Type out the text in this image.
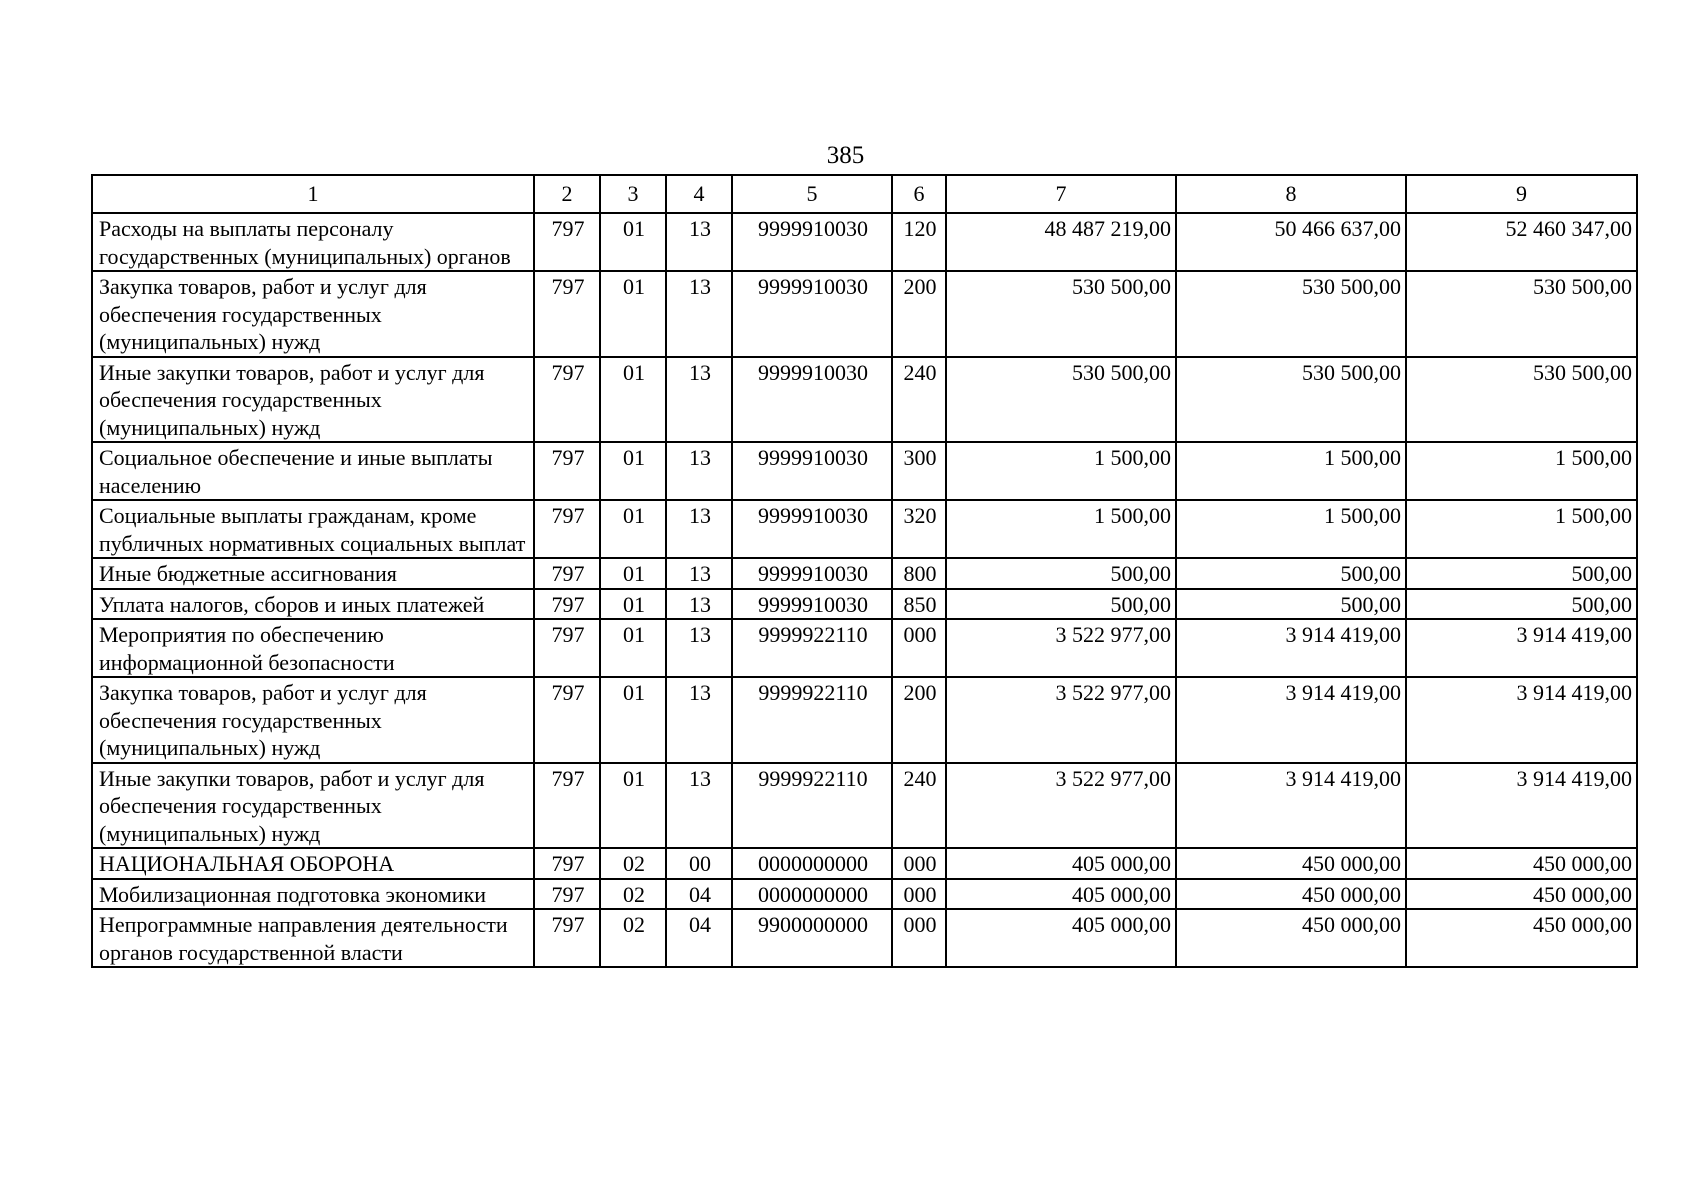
385
1	2	3	4	5	6	7	8	9
Расходы на выплаты персоналу государственных (муниципальных) органов	797	01	13	9999910030	120	48 487 219,00	50 466 637,00	52 460 347,00
Закупка товаров, работ и услуг для обеспечения государственных (муниципальных) нужд	797	01	13	9999910030	200	530 500,00	530 500,00	530 500,00
Иные закупки товаров, работ и услуг для обеспечения государственных (муниципальных) нужд	797	01	13	9999910030	240	530 500,00	530 500,00	530 500,00
Социальное обеспечение и иные выплаты населению	797	01	13	9999910030	300	1 500,00	1 500,00	1 500,00
Социальные выплаты гражданам, кроме публичных нормативных социальных выплат	797	01	13	9999910030	320	1 500,00	1 500,00	1 500,00
Иные бюджетные ассигнования	797	01	13	9999910030	800	500,00	500,00	500,00
Уплата налогов, сборов и иных платежей	797	01	13	9999910030	850	500,00	500,00	500,00
Мероприятия по обеспечению информационной безопасности	797	01	13	9999922110	000	3 522 977,00	3 914 419,00	3 914 419,00
Закупка товаров, работ и услуг для обеспечения государственных (муниципальных) нужд	797	01	13	9999922110	200	3 522 977,00	3 914 419,00	3 914 419,00
Иные закупки товаров, работ и услуг для обеспечения государственных (муниципальных) нужд	797	01	13	9999922110	240	3 522 977,00	3 914 419,00	3 914 419,00
НАЦИОНАЛЬНАЯ ОБОРОНА	797	02	00	0000000000	000	405 000,00	450 000,00	450 000,00
Мобилизационная подготовка экономики	797	02	04	0000000000	000	405 000,00	450 000,00	450 000,00
Непрограммные направления деятельности органов государственной власти	797	02	04	9900000000	000	405 000,00	450 000,00	450 000,00
